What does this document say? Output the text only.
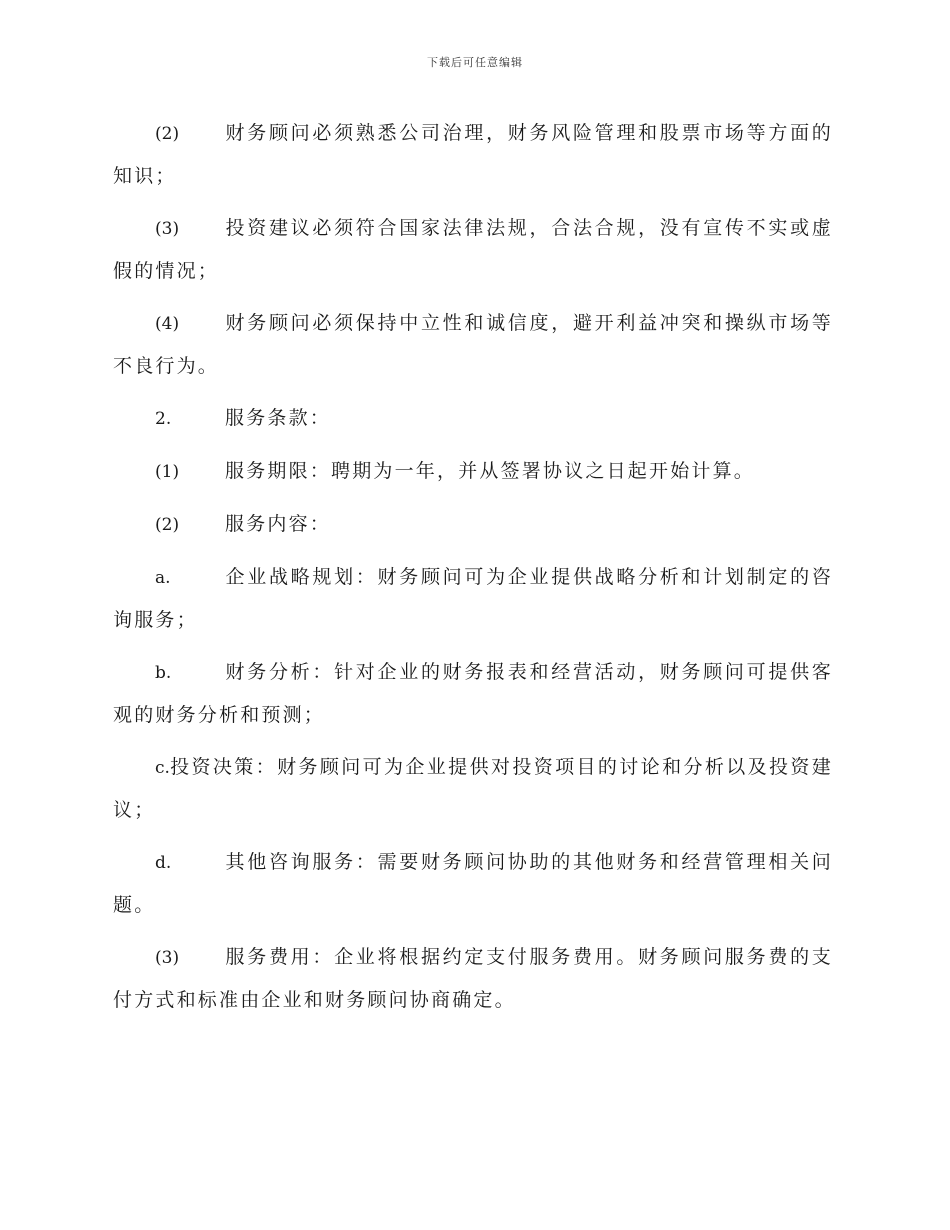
下载后可任意编辑

(2) 财务顾问必须熟悉公司治理，财务风险管理和股票市场等方面的知识；

(3) 投资建议必须符合国家法律法规，合法合规，没有宣传不实或虚假的情况；

(4) 财务顾问必须保持中立性和诚信度，避开利益冲突和操纵市场等不良行为。

2.	服务条款：

(1) 服务期限：聘期为一年，并从签署协议之日起开始计算。

(2) 服务内容：

a.	企业战略规划：财务顾问可为企业提供战略分析和计划制定的咨询服务；

b.	财务分析：针对企业的财务报表和经营活动，财务顾问可提供客观的财务分析和预测；

c.投资决策：财务顾问可为企业提供对投资项目的讨论和分析以及投资建议；

d.	其他咨询服务：需要财务顾问协助的其他财务和经营管理相关问题。

(3) 服务费用：企业将根据约定支付服务费用。财务顾问服务费的支付方式和标准由企业和财务顾问协商确定。
